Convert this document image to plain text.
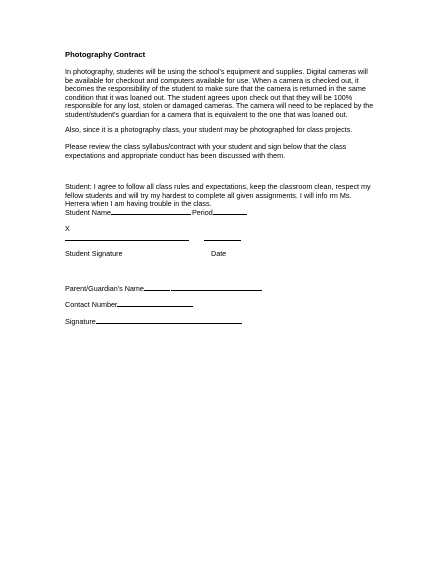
Photography Contract
In photography, students will be using the school's equipment and supplies. Digital cameras will
be available for checkout and computers available for use. When a camera is checked out, it
becomes the responsibility of the student to make sure that the camera is returned in the same
condition that it was loaned out. The student agrees upon check out that they will be 100%
responsible for any lost, stolen or damaged cameras. The camera will need to be replaced by the
student/student's guardian for a camera that is equivalent to the one that was loaned out.
Also, since it is a photography class, your student may be photographed for class projects.
Please review the class syllabus/contract with your student and sign below that the class
expectations and appropriate conduct has been discussed with them.
Student: I agree to follow all class rules and expectations, keep the classroom clean, respect my
fellow students and will try my hardest to complete all given assignments. I will info rm Ms.
Herrera when I am having trouble in the class.
Student Name	Period
X
Student Signature	Date
Parent/Guardian's Name
Contact Number
Signature
